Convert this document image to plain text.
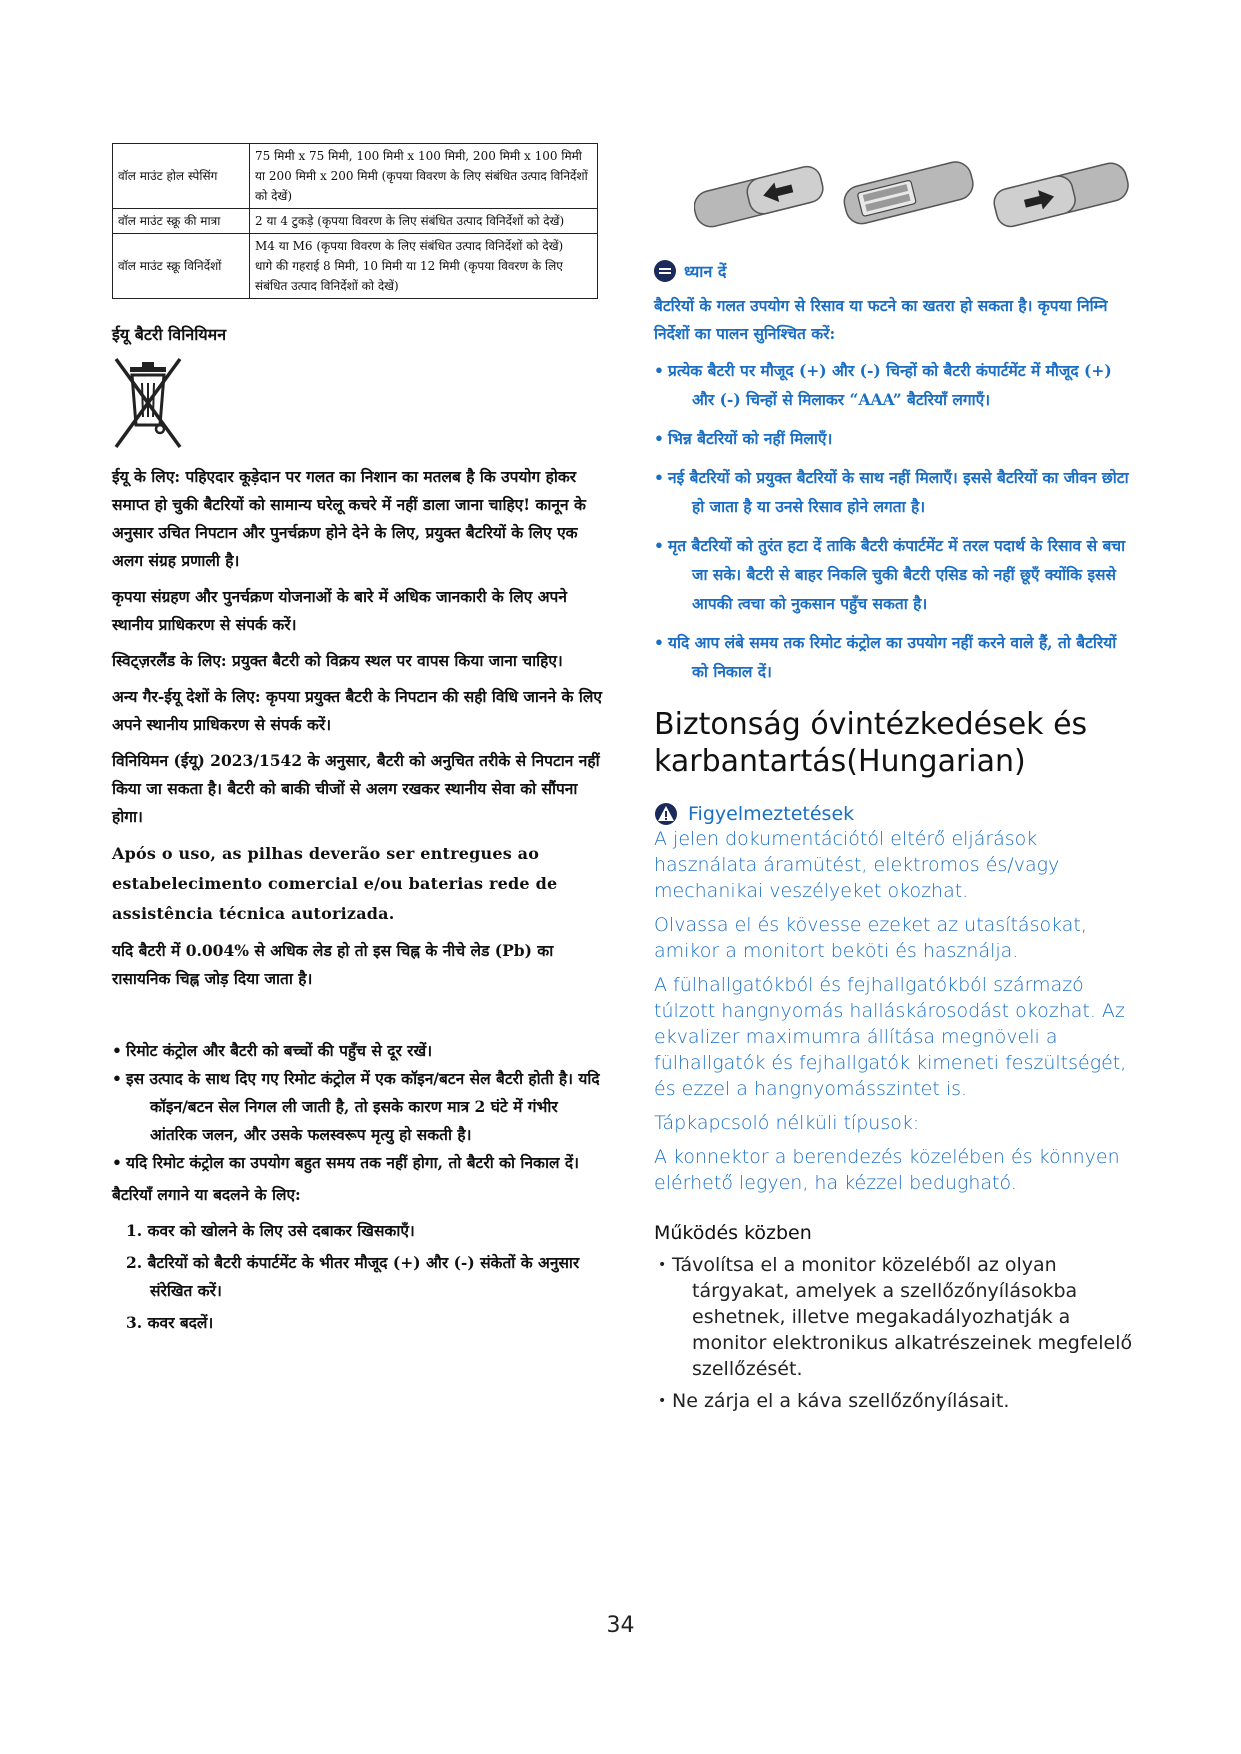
वॉल माउंट होल स्पेसिंग	75 मिमी x 75 मिमी, 100 मिमी x 100 मिमी, 200 मिमी x 100 मिमी या 200 मिमी x 200 मिमी (कृपया विवरण के लिए संबंधित उत्पाद विनिर्देशों को देखें)
वॉल माउंट स्क्रू की मात्रा	2 या 4 टुकड़े (कृपया विवरण के लिए संबंधित उत्पाद विनिर्देशों को देखें)
वॉल माउंट स्क्रू विनिर्देशों	M4 या M6 (कृपया विवरण के लिए संबंधित उत्पाद विनिर्देशों को देखें)
धागे की गहराई 8 मिमी, 10 मिमी या 12 मिमी (कृपया विवरण के लिए संबंधित उत्पाद विनिर्देशों को देखें)
ईयू बैटरी विनियिमन

ईयू के लिए: पहिएदार कूड़ेदान पर गलत का निशान का मतलब है कि उपयोग होकर समाप्त हो चुकी बैटरियों को सामान्य घरेलू कचरे में नहीं डाला जाना चाहिए! कानून के अनुसार उचित निपटान और पुनर्चक्रण होने देने के लिए, प्रयुक्त बैटरियों के लिए एक अलग संग्रह प्रणाली है।

कृपया संग्रहण और पुनर्चक्रण योजनाओं के बारे में अधिक जानकारी के लिए अपने स्थानीय प्राधिकरण से संपर्क करें।

स्विट्ज़रलैंड के लिए: प्रयुक्त बैटरी को विक्रय स्थल पर वापस किया जाना चाहिए।

अन्य गैर-ईयू देशों के लिए: कृपया प्रयुक्त बैटरी के निपटान की सही विधि जानने के लिए अपने स्थानीय प्राधिकरण से संपर्क करें।

विनियिमन (ईयू) 2023/1542 के अनुसार, बैटरी को अनुचित तरीके से निपटान नहीं किया जा सकता है। बैटरी को बाकी चीजों से अलग रखकर स्थानीय सेवा को सौंपना होगा।

Após o uso, as pilhas deverão ser entregues ao estabelecimento comercial e/ou baterias rede de assistência técnica autorizada.

यदि बैटरी में 0.004% से अधिक लेड हो तो इस चिह्न के नीचे लेड (Pb) का रासायनिक चिह्न जोड़ दिया जाता है।

• रिमोट कंट्रोल और बैटरी को बच्चों की पहुँच से दूर रखें।
• इस उत्पाद के साथ दिए गए रिमोट कंट्रोल में एक कॉइन/बटन सेल बैटरी होती है। यदि कॉइन/बटन सेल निगल ली जाती है, तो इसके कारण मात्र 2 घंटे में गंभीर आंतरिक जलन, और उसके फलस्वरूप मृत्यु हो सकती है।
• यदि रिमोट कंट्रोल का उपयोग बहुत समय तक नहीं होगा, तो बैटरी को निकाल दें।

बैटरियाँ लगाने या बदलने के लिए:

1. कवर को खोलने के लिए उसे दबाकर खिसकाएँ।
2. बैटरियों को बैटरी कंपार्टमेंट के भीतर मौजूद (+) और (-) संकेतों के अनुसार संरेखित करें।
3. कवर बदलें।
ध्यान दें

बैटरियों के गलत उपयोग से रिसाव या फटने का खतरा हो सकता है। कृपया निम्नि निर्देशों का पालन सुनिश्चित करें:

• प्रत्येक बैटरी पर मौजूद (+) और (-) चिन्हों को बैटरी कंपार्टमेंट में मौजूद (+) और (-) चिन्हों से मिलाकर “AAA” बैटरियाँ लगाएँ।
• भिन्न बैटरियों को नहीं मिलाएँ।
• नई बैटरियों को प्रयुक्त बैटरियों के साथ नहीं मिलाएँ। इससे बैटरियों का जीवन छोटा हो जाता है या उनसे रिसाव होने लगता है।
• मृत बैटरियों को तुरंत हटा दें ताकि बैटरी कंपार्टमेंट में तरल पदार्थ के रिसाव से बचा जा सके। बैटरी से बाहर निकलि चुकी बैटरी एसिड को नहीं छूएँ क्योंकि इससे आपकी त्वचा को नुकसान पहुँच सकता है।
• यदि आप लंबे समय तक रिमोट कंट्रोल का उपयोग नहीं करने वाले हैं, तो बैटरियों को निकाल दें।
Biztonság óvintézkedések és karbantartás(Hungarian)
Figyelmeztetések

A jelen dokumentációtól eltérő eljárások használata áramütést, elektromos és/vagy mechanikai veszélyeket okozhat.

Olvassa el és kövesse ezeket az utasításokat, amikor a monitort beköti és használja.

A fülhallgatókból és fejhallgatókból származó túlzott hangnyomás halláskárosodást okozhat. Az ekvalizer maximumra állítása megnöveli a fülhallgatók és fejhallgatók kimeneti feszültségét, és ezzel a hangnyomásszintet is.

Tápkapcsoló nélküli típusok:

A konnektor a berendezés közelében és könnyen elérhető legyen, ha kézzel bedugható.

Működés közben
• Távolítsa el a monitor közeléből az olyan tárgyakat, amelyek a szellőzőnyílásokba eshetnek, illetve megakadályozhatják a monitor elektronikus alkatrészeinek megfelelő szellőzését.
• Ne zárja el a káva szellőzőnyílásait.
34
